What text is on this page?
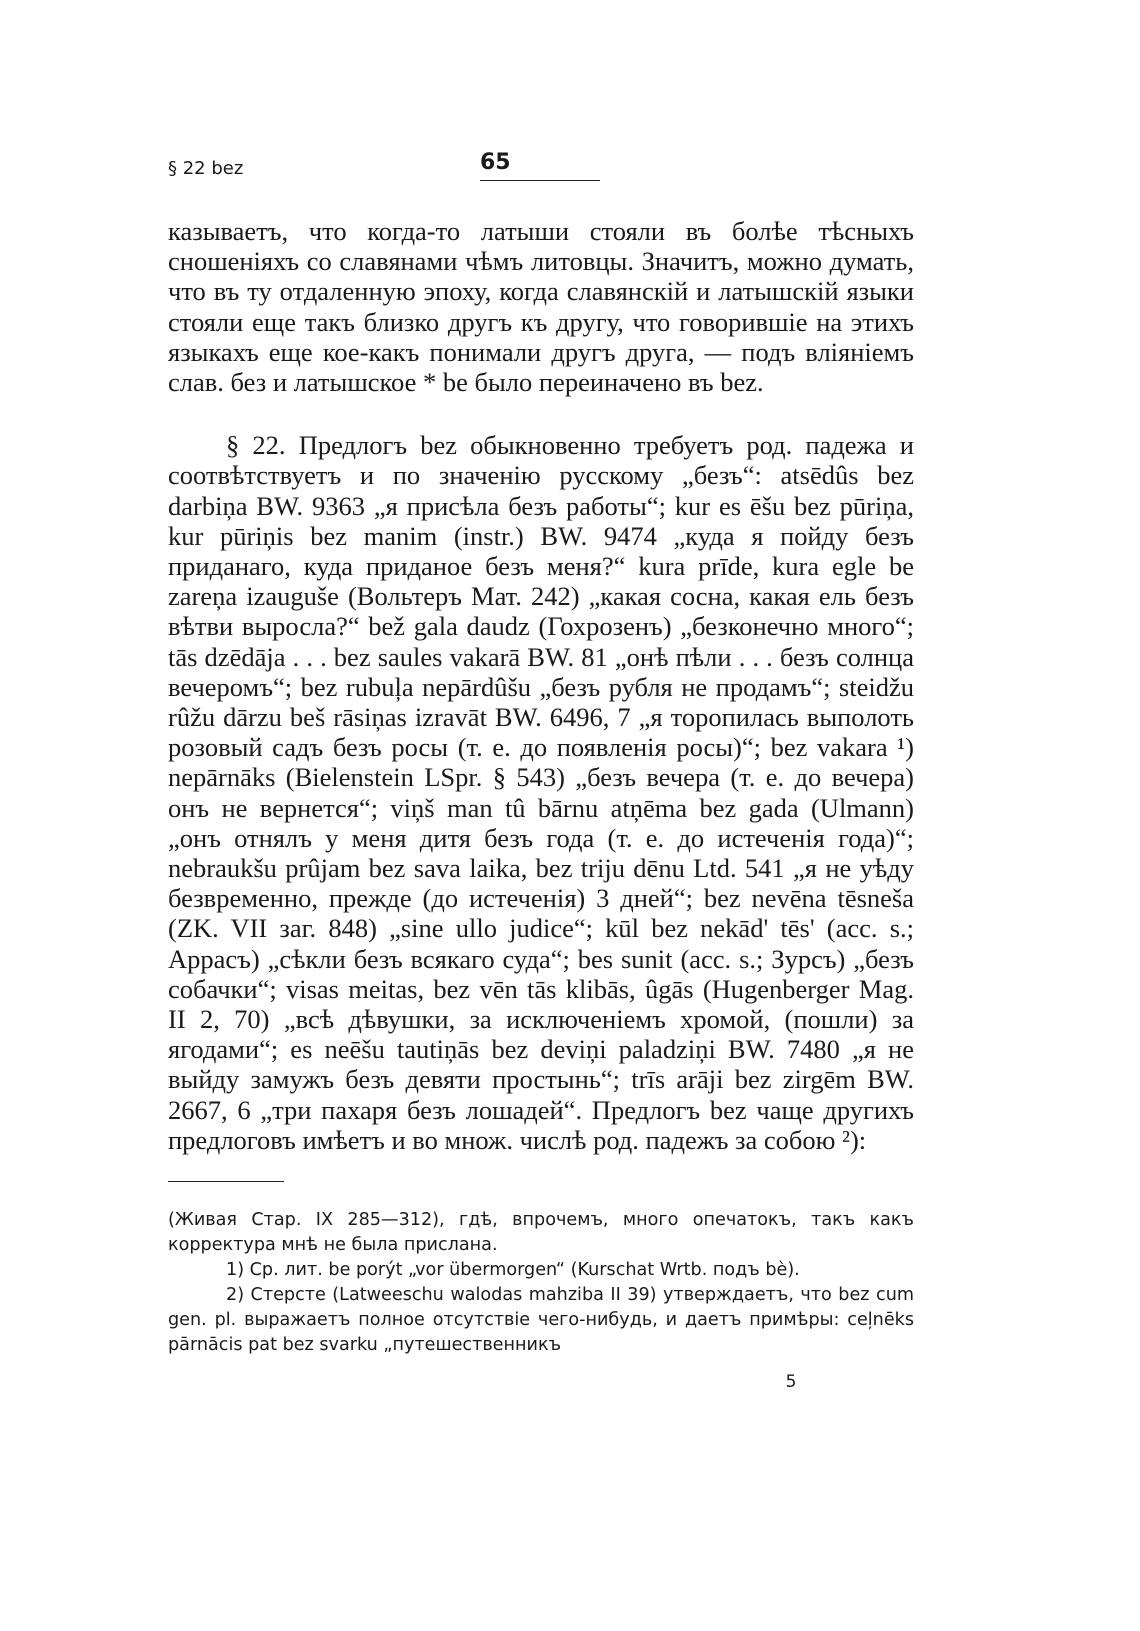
§ 22 bez	65

казываетъ, что когда-то латыши стояли въ болѣе тѣсныхъ сношеніяхъ со славянами чѣмъ литовцы. Значитъ, можно думать, что въ ту отдаленную эпоху, когда славянскій и латышскій языки стояли еще такъ близко другъ къ другу, что говорившіе на этихъ языкахъ еще кое-какъ понимали другъ друга, — подъ вліяніемъ слав. без и латышское * be было переиначено въ bez.

§ 22. Предлогъ bez обыкновенно требуетъ род. падежа и соотвѣтствуетъ и по значенію русскому „безъ“: atsēdûs bez darbiņa BW. 9363 „я присѣла безъ работы“; kur es ēšu bez pūriņa, kur pūriņis bez manim (instr.) BW. 9474 „куда я пойду безъ приданаго, куда приданое безъ меня?“ kura prīde, kura egle be zareņa izauguše (Вольтеръ Мат. 242) „какая сосна, какая ель безъ вѣтви выросла?“ bež gala daudz (Гохрозенъ) „безконечно много“; tās dzēdāja . . . bez saules vakarā BW. 81 „онѣ пѣли . . . безъ солнца вечеромъ“; bez rubuļa nepārdûšu „безъ рубля не продамъ“; steidžu rûžu dārzu beš rāsiņas izravāt BW. 6496, 7 „я торопилась выполоть розовый садъ безъ росы (т. е. до появленія росы)“; bez vakara ¹) nepārnāks (Bielenstein LSpr. § 543) „безъ вечера (т. е. до вечера) онъ не вернется“; viņš man tû bārnu atņēma bez gada (Ulmann) „онъ отнялъ у меня дитя безъ года (т. е. до истеченія года)“; nebraukšu prûjam bez sava laika, bez triju dēnu Ltd. 541 „я не уѣду безвременно, прежде (до истеченія) 3 дней“; bez nevēna tēsneša (ZK. VII заг. 848) „sine ullo judice“; kūl bez nekād' tēs' (acc. s.; Аррасъ) „сѣкли безъ всякаго суда“; bes sunit (acc. s.; Зурсъ) „безъ собачки“; visas meitas, bez vēn tās klibās, ûgās (Hugenberger Mag. II 2, 70) „всѣ дѣвушки, за исключеніемъ хромой, (пошли) за ягодами“; es neēšu tautiņās bez deviņi paladziņi BW. 7480 „я не выйду замужъ безъ девяти простынь“; trīs arāji bez zirgēm BW. 2667, 6 „три пахаря безъ лошадей“. Предлогъ bez чаще другихъ предлоговъ имѣетъ и во множ. числѣ род. падежъ за собою ²):

(Живая Стар. IX 285—312), гдѣ, впрочемъ, много опечатокъ, такъ какъ корректура мнѣ не была прислана.

1) Ср. лит. be porýt „vor übermorgen“ (Kurschat Wrtb. подъ bè).

2) Стерсте (Latweeschu walodas mahziba II 39) утверждаетъ, что bez cum gen. pl. выражаетъ полное отсутствіе чего-нибудь, и даетъ примѣры: ceļnēks pārnācis pat bez svarku „путешественникъ

5
